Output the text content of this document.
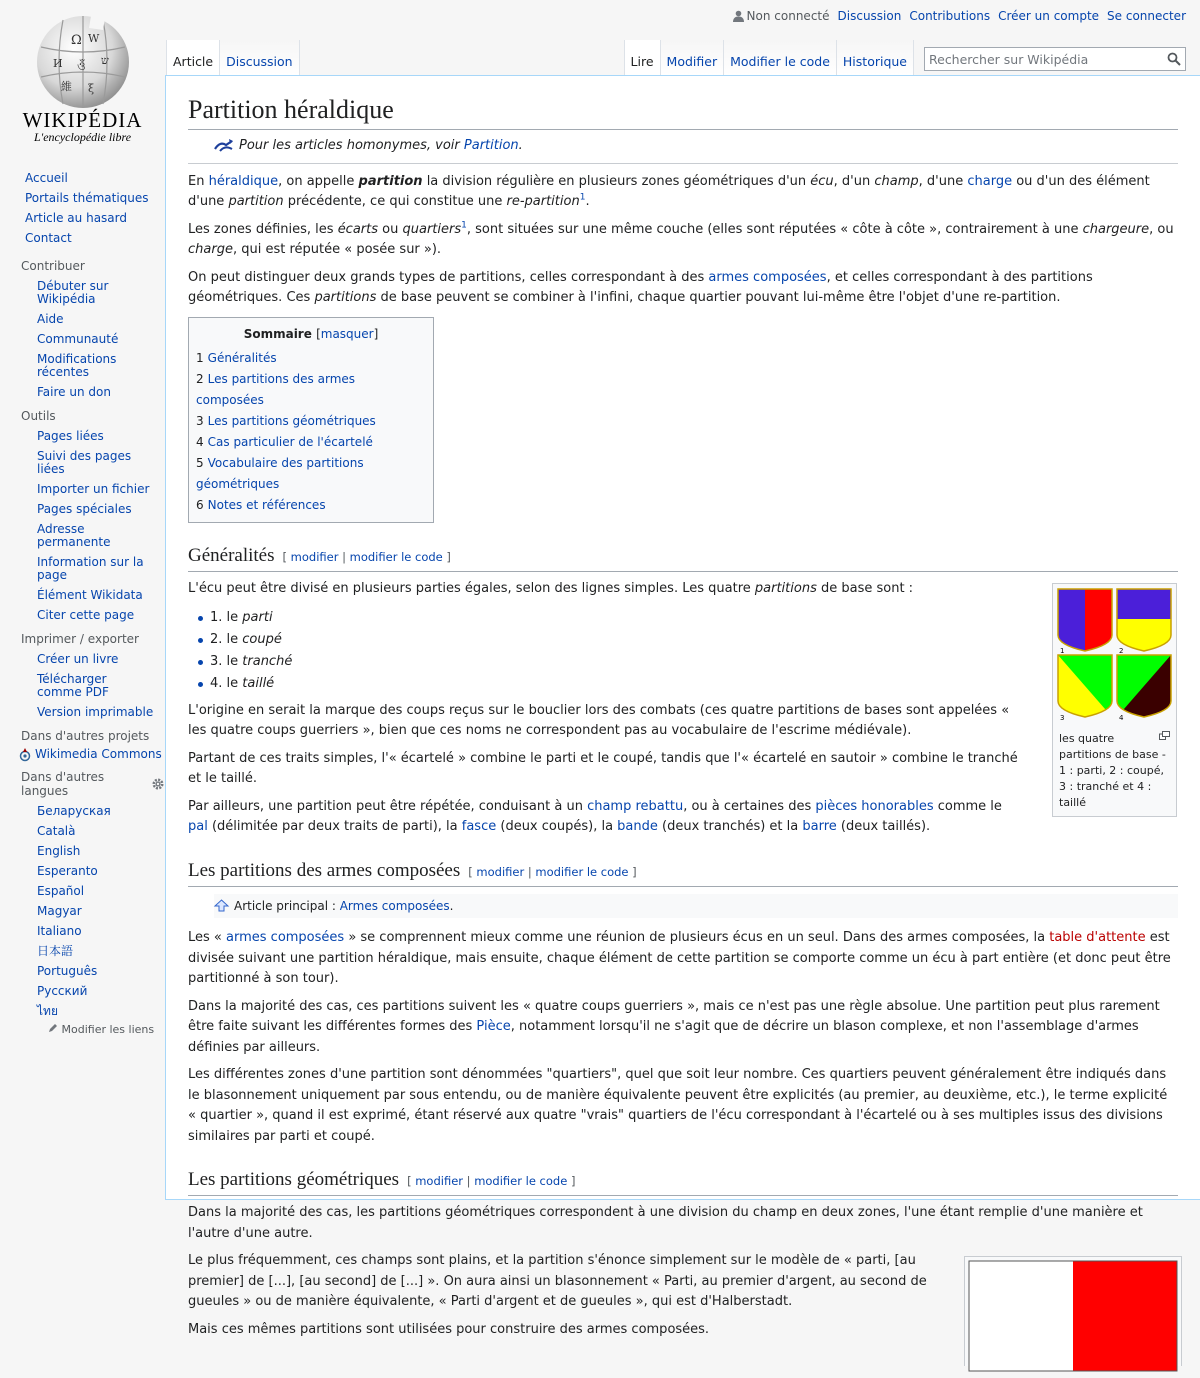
Non connecté Discussion Contributions Créer un compte Se connecter
Ω W
И ওঁ ש
維 ξ
WIKIPÉDIA
L'encyclopédie libre
Accueil
Portails thématiques
Article au hasard
Contact
Contribuer
Débuter sur Wikipédia
Aide
Communauté
Modifications récentes
Faire un don
Outils
Pages liées
Suivi des pages liées
Importer un fichier
Pages spéciales
Adresse permanente
Information sur la page
Élément Wikidata
Citer cette page
Imprimer / exporter
Créer un livre
Télécharger comme PDF
Version imprimable
Dans d'autres projets
Wikimedia Commons
Dans d'autres langues
Беларуская
Català
English
Esperanto
Español
Magyar
Italiano
日本語
Português
Русский
ไทย
Modifier les liens
Article Discussion	Lire Modifier Modifier le code Historique
Rechercher sur Wikipédia
Partition héraldique
Pour les articles homonymes, voir Partition.

En héraldique, on appelle partition la division régulière en plusieurs zones géométriques d'un écu, d'un champ, d'une charge ou d'un des élément d'une partition précédente, ce qui constitue une re-partition$^1$.

Les zones définies, les écarts ou quartiers$^1$, sont situées sur une même couche (elles sont réputées « côte à côte », contrairement à une chargeure, ou charge, qui est réputée « posée sur »).

On peut distinguer deux grands types de partitions, celles correspondant à des armes composées, et celles correspondant à des partitions géométriques. Ces partitions de base peuvent se combiner à l'infini, chaque quartier pouvant lui-même être l'objet d'une re-partition.

Sommaire [masquer]
1 Généralités
2 Les partitions des armes composées
3 Les partitions géométriques
4 Cas particulier de l'écartelé
5 Vocabulaire des partitions géométriques
6 Notes et références
Généralités [ modifier | modifier le code ]

L'écu peut être divisé en plusieurs parties égales, selon des lignes simples. Les quatre partitions de base sont :

1. le parti
2. le coupé
3. le tranché
4. le taillé

L'origine en serait la marque des coups reçus sur le bouclier lors des combats (ces quatre partitions de bases sont appelées « les quatre coups guerriers », bien que ces noms ne correspondent pas au vocabulaire de l'escrime médiévale).

Partant de ces traits simples, l'« écartelé » combine le parti et le coupé, tandis que l'« écartelé en sautoir » combine le tranché et le taillé.

Par ailleurs, une partition peut être répétée, conduisant à un champ rebattu, ou à certaines des pièces honorables comme le pal (délimitée par deux traits de parti), la fasce (deux coupés), la bande (deux tranchés) et la barre (deux taillés).

1	2
3	4
les quatre partitions de base - 1 : parti, 2 : coupé, 3 : tranché et 4 : taillé
Les partitions des armes composées [ modifier | modifier le code ]
Article principal : Armes composées.

Les « armes composées » se comprennent mieux comme une réunion de plusieurs écus en un seul. Dans des armes composées, la table d'attente est divisée suivant une partition héraldique, mais ensuite, chaque élément de cette partition se comporte comme un écu à part entière (et donc peut être partitionné à son tour).

Dans la majorité des cas, ces partitions suivent les « quatre coups guerriers », mais ce n'est pas une règle absolue. Une partition peut plus rarement être faite suivant les différentes formes des Pièce, notamment lorsqu'il ne s'agit que de décrire un blason complexe, et non l'assemblage d'armes définies par ailleurs.

Les différentes zones d'une partition sont dénommées "quartiers", quel que soit leur nombre. Ces quartiers peuvent généralement être indiqués dans le blasonnement uniquement par sous entendu, ou de manière équivalente peuvent être explicités (au premier, au deuxième, etc.), le terme explicité « quartier », quand il est exprimé, étant réservé aux quatre "vrais" quartiers de l'écu correspondant à l'écartelé ou à ses multiples issus des divisions similaires par parti et coupé.

Les partitions géométriques [ modifier | modifier le code ]

Dans la majorité des cas, les partitions géométriques correspondent à une division du champ en deux zones, l'une étant remplie d'une manière et l'autre d'une autre.

Le plus fréquemment, ces champs sont plains, et la partition s'énonce simplement sur le modèle de « parti, [au premier] de [...], [au second] de [...] ». On aura ainsi un blasonnement « Parti, au premier d'argent, au second de gueules » ou de manière équivalente, « Parti d'argent et de gueules », qui est d'Halberstadt.

Mais ces mêmes partitions sont utilisées pour construire des armes composées.
